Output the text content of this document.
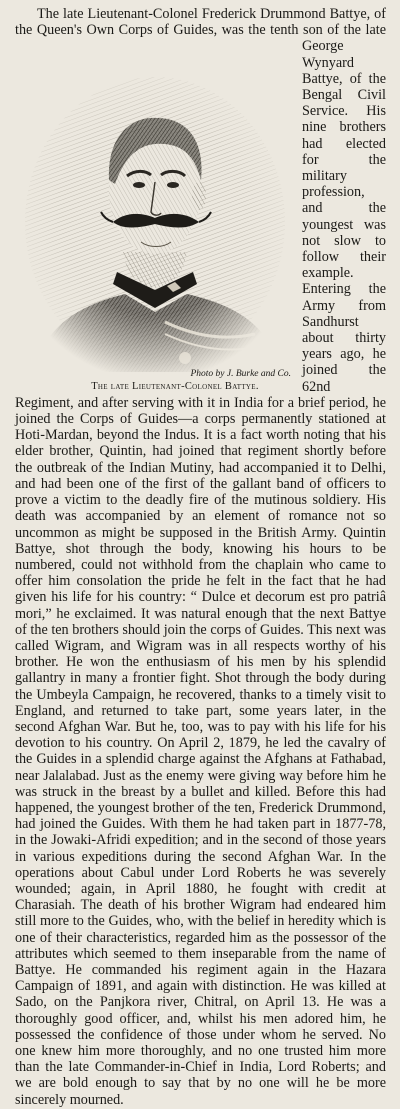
The late Lieutenant-Colonel Frederick Drummond Battye, of the Queen's Own Corps of Guides, was
Photo by J. Burke and Co.
The late Lieutenant-Colonel Battye.
the tenth son of the late George Wynyard Battye, of the Bengal Civil Service. His nine brothers had elected for the military profession, and the youngest was not slow to follow their example. Entering the Army from Sandhurst about thirty years ago, he joined the 62nd Regiment, and after serving with it in India for a brief period, he joined the Corps of Guides—a corps permanently stationed at Hoti-Mardan, beyond the Indus. It is a fact worth noting that his elder brother, Quintin, had joined that regiment shortly before the outbreak of the Indian Mutiny, had accompanied it to Delhi, and had been one of the first of the gallant band of officers to prove a victim to the deadly fire of the mutinous soldiery. His death was accompanied by an element of romance not so uncommon as might be supposed in the British Army. Quintin Battye, shot through the body, knowing his hours to be numbered, could not withhold from the chaplain who came to offer him consolation the pride he felt in the fact that he had given his life for his country: “ Dulce et decorum est pro patriâ mori,” he exclaimed. It was natural enough that the next Battye of the ten brothers should join the corps of Guides. This next was called Wigram, and Wigram was in all respects worthy of his brother. He won the enthusiasm of his men by his splendid gallantry in many a frontier fight. Shot through the body during the Umbeyla Campaign, he recovered, thanks to a timely visit to England, and returned to take part, some years later, in the second Afghan War. But he, too, was to pay with his life for his devotion to his country. On April 2, 1879, he led the cavalry of the Guides in a splendid charge against the Afghans at Fathabad, near Jalalabad. Just as the enemy were giving way before him he was struck in the breast by a bullet and killed. Before this had happened, the youngest brother of the ten, Frederick Drummond, had joined the Guides. With them he had taken part in 1877-78, in the Jowaki-Afridi expedition; and in the second of those years in various expeditions during the second Afghan War. In the operations about Cabul under Lord Roberts he was severely wounded; again, in April 1880, he fought with credit at Charasiah. The death of his brother Wigram had endeared him still more to the Guides, who, with the belief in heredity which is one of their characteristics, regarded him as the possessor of the attributes which seemed to them inseparable from the name of Battye. He commanded his regiment again in the Hazara Campaign of 1891, and again with distinction. He was killed at Sado, on the Panjkora river, Chitral, on April 13. He was a thoroughly good officer, and, whilst his men adored him, he possessed the confidence of those under whom he served. No one knew him more thoroughly, and no one trusted him more than the late Commander-in-Chief in India, Lord Roberts; and we are bold enough to say that by no one will he be more sincerely mourned.
